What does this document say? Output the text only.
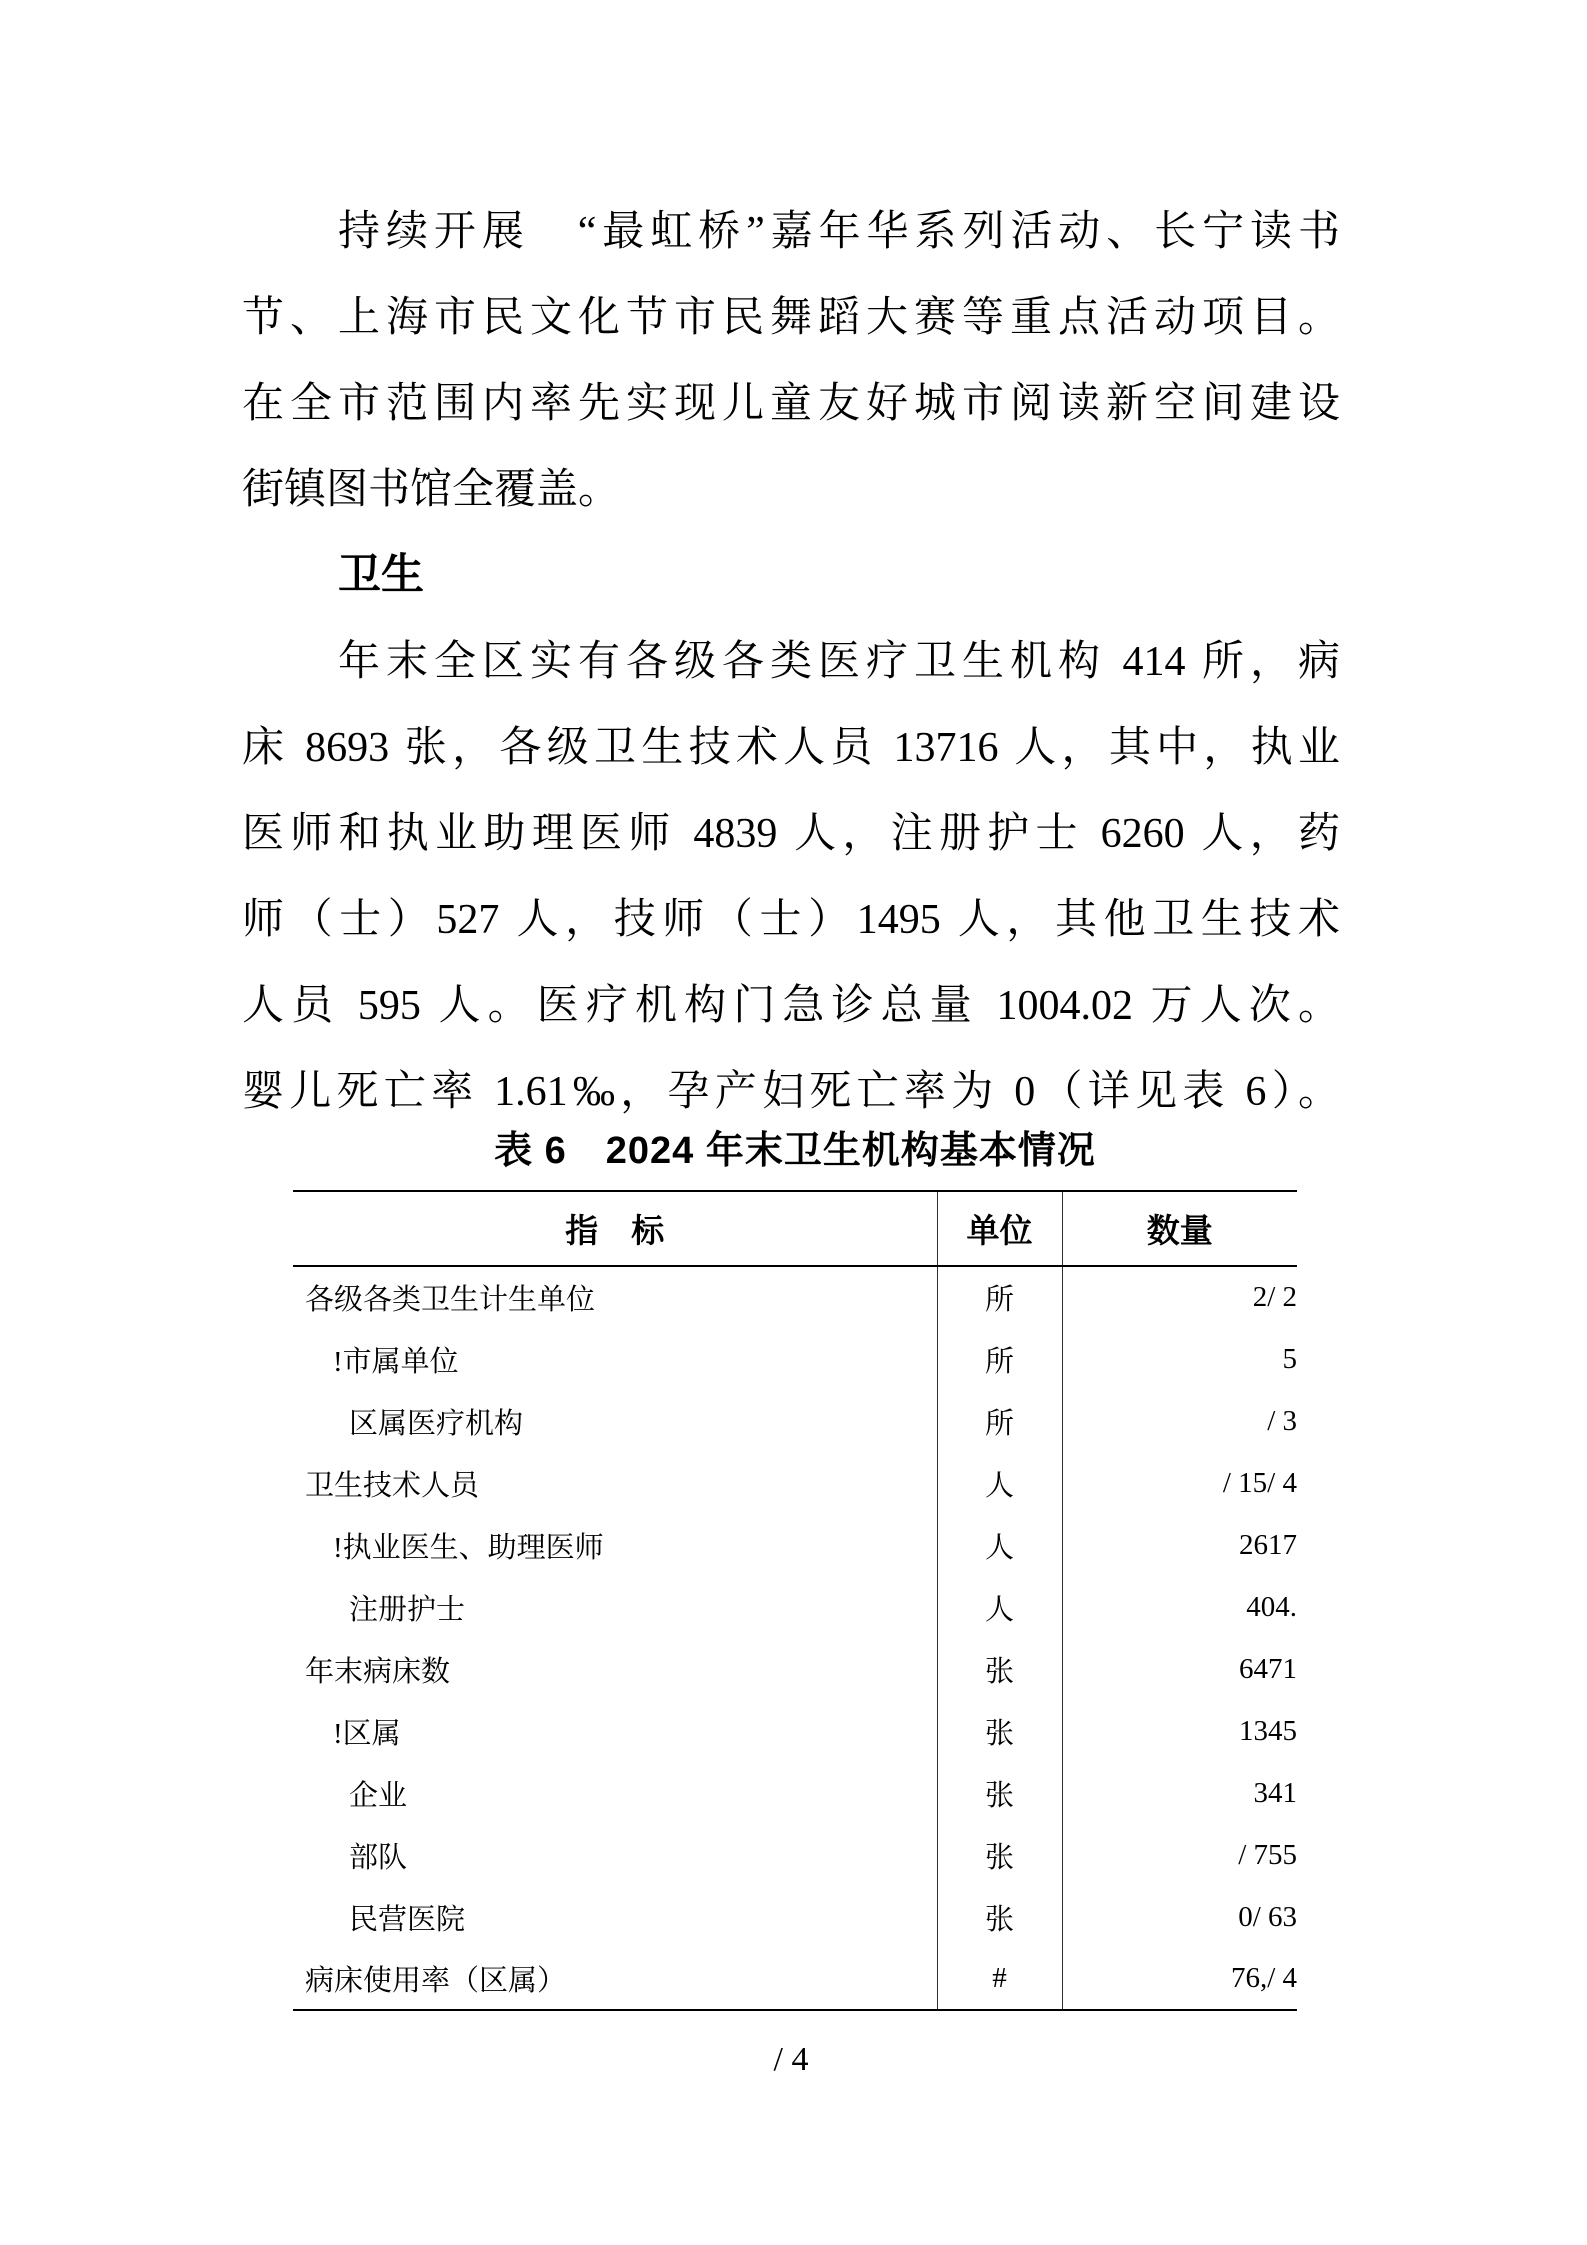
持续开展　“最虹桥”嘉年华系列活动、长宁读书
节、上海市民文化节市民舞蹈大赛等重点活动项目。
在全市范围内率先实现儿童友好城市阅读新空间建设
街镇图书馆全覆盖。
卫生
年末全区实有各级各类医疗卫生机构 414 所，病
床 8693 张，各级卫生技术人员 13716 人，其中，执业
医师和执业助理医师 4839 人，注册护士 6260 人，药
师（士）527 人，技师（士）1495 人，其他卫生技术
人员 595 人。医疗机构门急诊总量 1004.02 万人次。
婴儿死亡率 1.61‰，孕产妇死亡率为 0（详见表 6）。
表 6　2024 年末卫生机构基本情况
指　标	单位	数量
各级各类卫生计生单位	所	2/ 2
!市属单位	所	5
区属医疗机构	所	/ 3
卫生技术人员	人	/ 15/ 4
!执业医生、助理医师	人	2617
注册护士	人	404.
年末病床数	张	6471
!区属	张	1345
企业	张	341
部队	张	/ 755
民营医院	张	0/ 63
病床使用率（区属）	#	76,/ 4
/ 4
